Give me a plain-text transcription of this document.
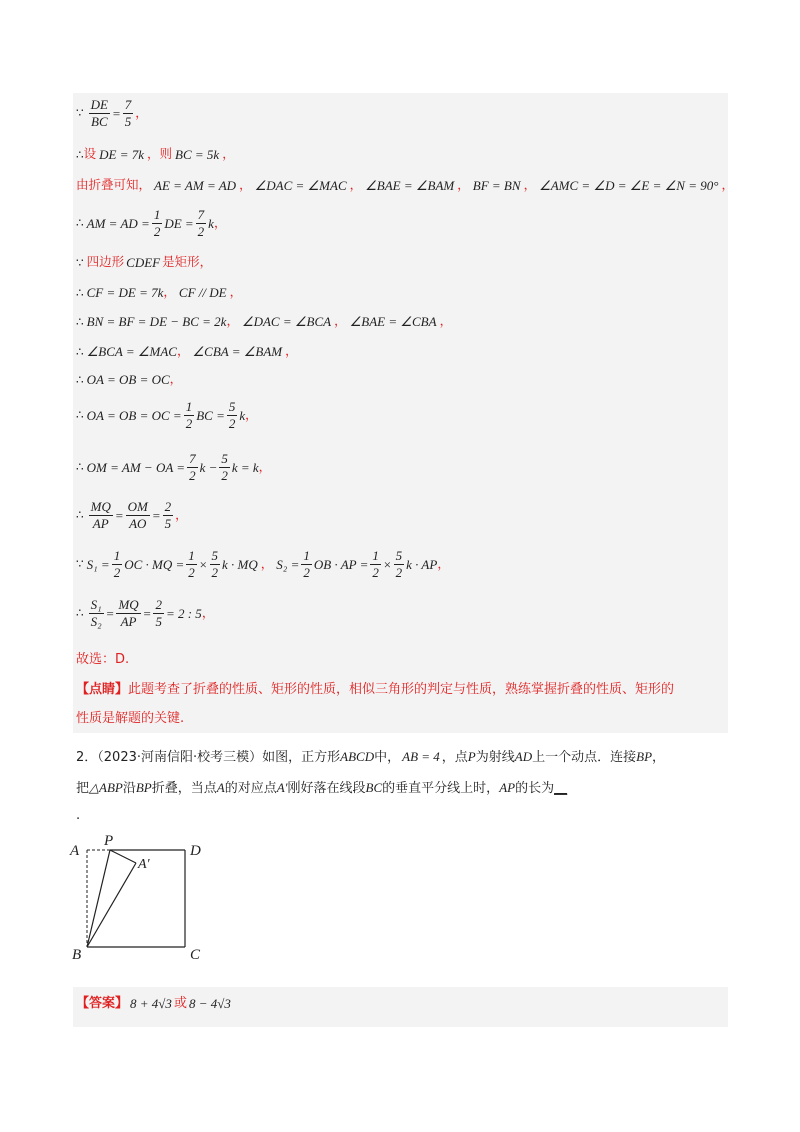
∵ $\frac{DE}{BC} = \frac{7}{5}$ ，
∴ 设 DE = 7k ，则 BC = 5k ，
由折叠可知， AE = AM = AD ， ∠DAC = ∠MAC ， ∠BAE = ∠BAM ， BF = BN ， ∠AMC = ∠D = ∠E = ∠N = 90° ，
∴ AM = AD = $\frac{1}{2}$ DE = $\frac{7}{2}$ k ，
∵ 四边形 CDEF 是矩形，
∴ CF = DE = 7k ， CF // DE ，
∴ BN = BF = DE − BC = 2k ， ∠DAC = ∠BCA ， ∠BAE = ∠CBA ，
∴ ∠BCA = ∠MAC ， ∠CBA = ∠BAM ，
∴ OA = OB = OC ，
∴ OA = OB = OC = $\frac{1}{2}$ BC = $\frac{5}{2}$ k ，
∴ OM = AM − OA = $\frac{7}{2}$ $k - \frac{5}{2}$ k = k ，
∴ $\frac{MQ}{AP} = \frac{OM}{AO} = \frac{2}{5}$ ，
∵ $S_1 = \frac{1}{2}$ OC · MQ = $\frac{1}{2} \times \frac{5}{2}$ k · MQ ， $S_2 = \frac{1}{2}$ OB · AP = $\frac{1}{2} \times \frac{5}{2}$ k · AP ，
∴ $\frac{\text{S₁}}{\text{S₂}} = \frac{MQ}{AP} = \frac{2}{5} = 2$ : 5 ，
故选：D.
【点睛】 此题考查了折叠的性质、矩形的性质，相似三角形的判定与性质，熟练掌握折叠的性质、矩形的
性质是解题的关键.
2．（2023·河南信阳·校考三模）如图，正方形ABCD中， AB = 4 ，点P为射线AD上一个动点．连接BP，
把△ABP沿BP折叠，当点A的对应点A′刚好落在线段BC的垂直平分线上时，AP的长为__
.
A
P
D
A′
B	C
【答案】 8 + 4√3 或 8 − 4√3
